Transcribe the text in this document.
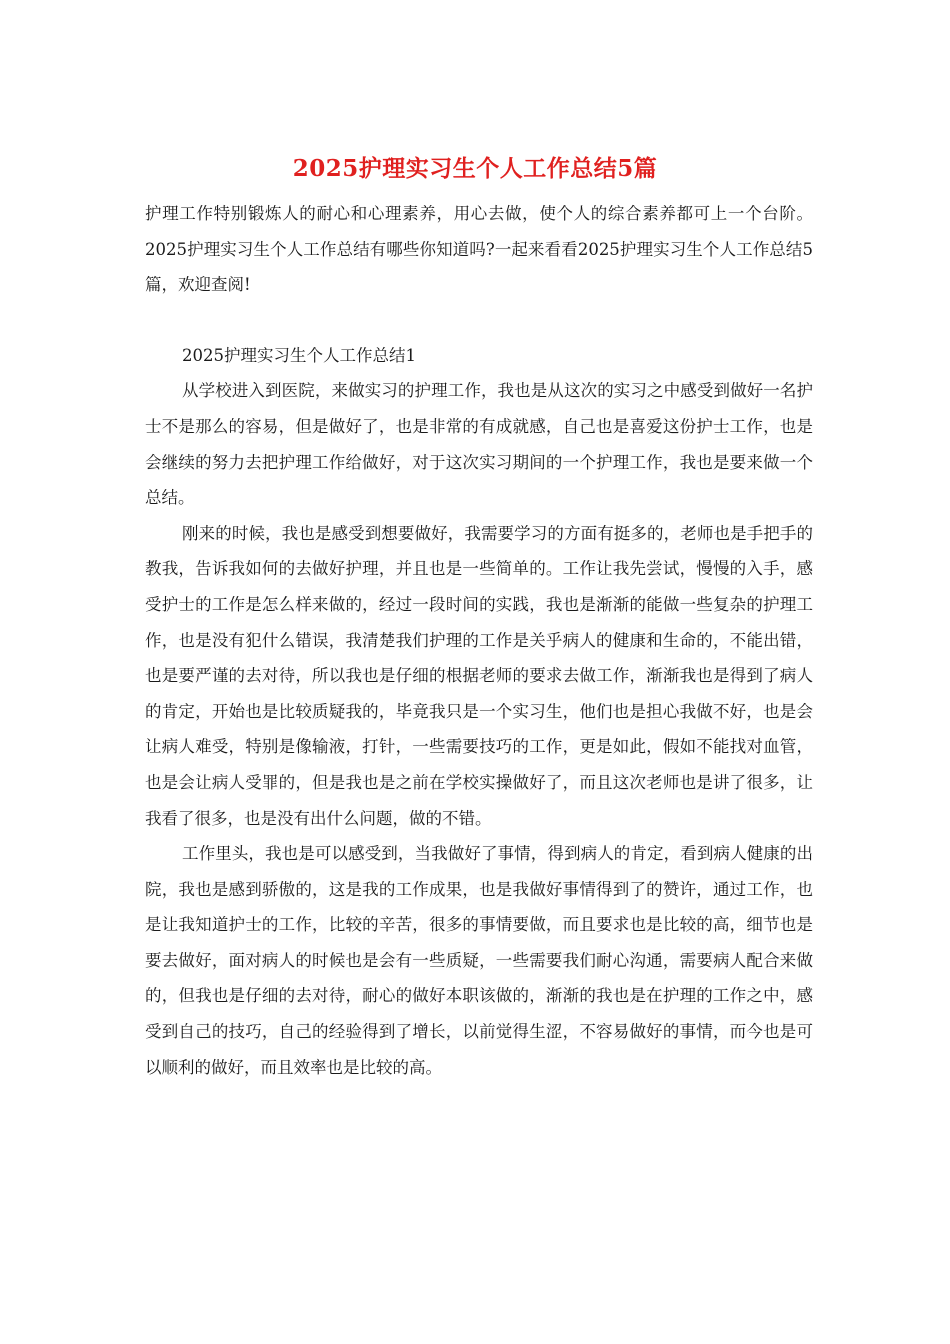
2025护理实习生个人工作总结5篇

护理工作特别锻炼人的耐心和心理素养，用心去做，使个人的综合素养都可上一个台阶。2025护理实习生个人工作总结有哪些你知道吗?一起来看看2025护理实习生个人工作总结5篇，欢迎查阅!

2025护理实习生个人工作总结1

从学校进入到医院，来做实习的护理工作，我也是从这次的实习之中感受到做好一名护士不是那么的容易，但是做好了，也是非常的有成就感，自己也是喜爱这份护士工作，也是会继续的努力去把护理工作给做好，对于这次实习期间的一个护理工作，我也是要来做一个总结。

刚来的时候，我也是感受到想要做好，我需要学习的方面有挺多的，老师也是手把手的教我，告诉我如何的去做好护理，并且也是一些简单的。工作让我先尝试，慢慢的入手，感受护士的工作是怎么样来做的，经过一段时间的实践，我也是渐渐的能做一些复杂的护理工作，也是没有犯什么错误，我清楚我们护理的工作是关乎病人的健康和生命的，不能出错，也是要严谨的去对待，所以我也是仔细的根据老师的要求去做工作，渐渐我也是得到了病人的肯定，开始也是比较质疑我的，毕竟我只是一个实习生，他们也是担心我做不好，也是会让病人难受，特别是像输液，打针，一些需要技巧的工作，更是如此，假如不能找对血管，也是会让病人受罪的，但是我也是之前在学校实操做好了，而且这次老师也是讲了很多，让我看了很多，也是没有出什么问题，做的不错。

工作里头，我也是可以感受到，当我做好了事情，得到病人的肯定，看到病人健康的出院，我也是感到骄傲的，这是我的工作成果，也是我做好事情得到了的赞许，通过工作，也是让我知道护士的工作，比较的辛苦，很多的事情要做，而且要求也是比较的高，细节也是要去做好，面对病人的时候也是会有一些质疑，一些需要我们耐心沟通，需要病人配合来做的，但我也是仔细的去对待，耐心的做好本职该做的，渐渐的我也是在护理的工作之中，感受到自己的技巧，自己的经验得到了增长，以前觉得生涩，不容易做好的事情，而今也是可以顺利的做好，而且效率也是比较的高。
